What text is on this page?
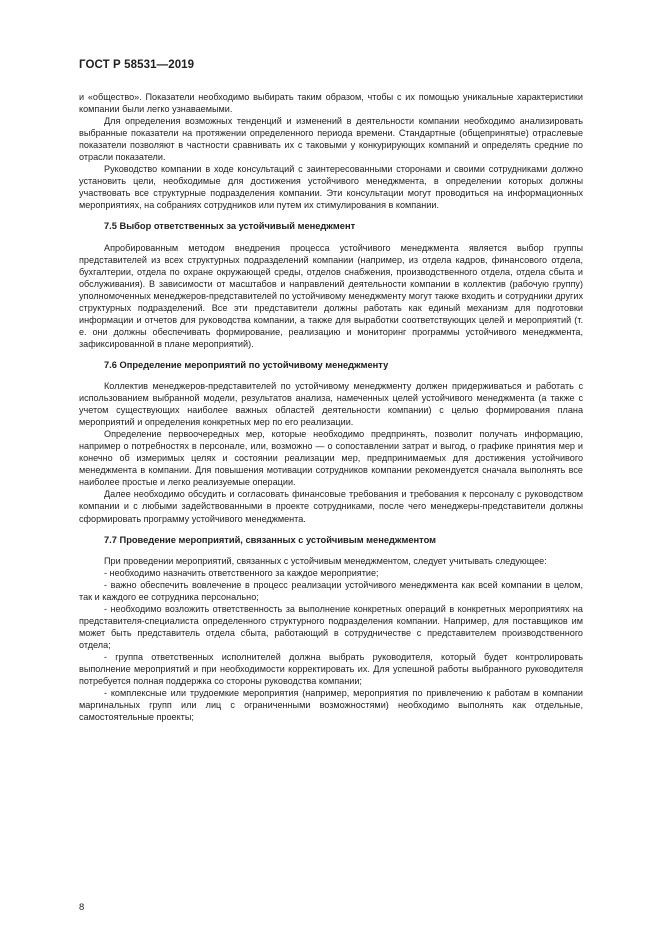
ГОСТ Р 58531—2019

и «общество». Показатели необходимо выбирать таким образом, чтобы с их помощью уникальные характеристики компании были легко узнаваемыми.

Для определения возможных тенденций и изменений в деятельности компании необходимо анализировать выбранные показатели на протяжении определенного периода времени. Стандартные (общепринятые) отраслевые показатели позволяют в частности сравнивать их с таковыми у конкурирующих компаний и определять средние по отрасли показатели.

Руководство компании в ходе консультаций с заинтересованными сторонами и своими сотрудниками должно установить цели, необходимые для достижения устойчивого менеджмента, в определении которых должны участвовать все структурные подразделения компании. Эти консультации могут проводиться на информационных мероприятиях, на собраниях сотрудников или путем их стимулирования в компании.

7.5 Выбор ответственных за устойчивый менеджмент

Апробированным методом внедрения процесса устойчивого менеджмента является выбор группы представителей из всех структурных подразделений компании (например, из отдела кадров, финансового отдела, бухгалтерии, отдела по охране окружающей среды, отделов снабжения, производственного отдела, отдела сбыта и обслуживания). В зависимости от масштабов и направлений деятельности компании в коллектив (рабочую группу) уполномоченных менеджеров-представителей по устойчивому менеджменту могут также входить и сотрудники других структурных подразделений. Все эти представители должны работать как единый механизм для подготовки информации и отчетов для руководства компании, а также для выработки соответствующих целей и мероприятий (т. е. они должны обеспечивать формирование, реализацию и мониторинг программы устойчивого менеджмента, зафиксированной в плане мероприятий).

7.6 Определение мероприятий по устойчивому менеджменту

Коллектив менеджеров-представителей по устойчивому менеджменту должен придерживаться и работать с использованием выбранной модели, результатов анализа, намеченных целей устойчивого менеджмента (а также с учетом существующих наиболее важных областей деятельности компании) с целью формирования плана мероприятий и определения конкретных мер по его реализации.

Определение первоочередных мер, которые необходимо предпринять, позволит получать информацию, например о потребностях в персонале, или, возможно — о сопоставлении затрат и выгод, о графике принятия мер и конечно об измеримых целях и состоянии реализации мер, предпринимаемых для достижения устойчивого менеджмента в компании. Для повышения мотивации сотрудников компании рекомендуется сначала выполнять все наиболее простые и легко реализуемые операции.

Далее необходимо обсудить и согласовать финансовые требования и требования к персоналу с руководством компании и с любыми задействованными в проекте сотрудниками, после чего менеджеры-представители должны сформировать программу устойчивого менеджмента.

7.7 Проведение мероприятий, связанных с устойчивым менеджментом

При проведении мероприятий, связанных с устойчивым менеджментом, следует учитывать следующее:

- необходимо назначить ответственного за каждое мероприятие;

- важно обеспечить вовлечение в процесс реализации устойчивого менеджмента как всей компании в целом, так и каждого ее сотрудника персонально;

- необходимо возложить ответственность за выполнение конкретных операций в конкретных мероприятиях на представителя-специалиста определенного структурного подразделения компании. Например, для поставщиков им может быть представитель отдела сбыта, работающий в сотрудничестве с представителем производственного отдела;

- группа ответственных исполнителей должна выбрать руководителя, который будет контролировать выполнение мероприятий и при необходимости корректировать их. Для успешной работы выбранного руководителя потребуется полная поддержка со стороны руководства компании;

- комплексные или трудоемкие мероприятия (например, мероприятия по привлечению к работам в компании маргинальных групп или лиц с ограниченными возможностями) необходимо выполнять как отдельные, самостоятельные проекты;

8
